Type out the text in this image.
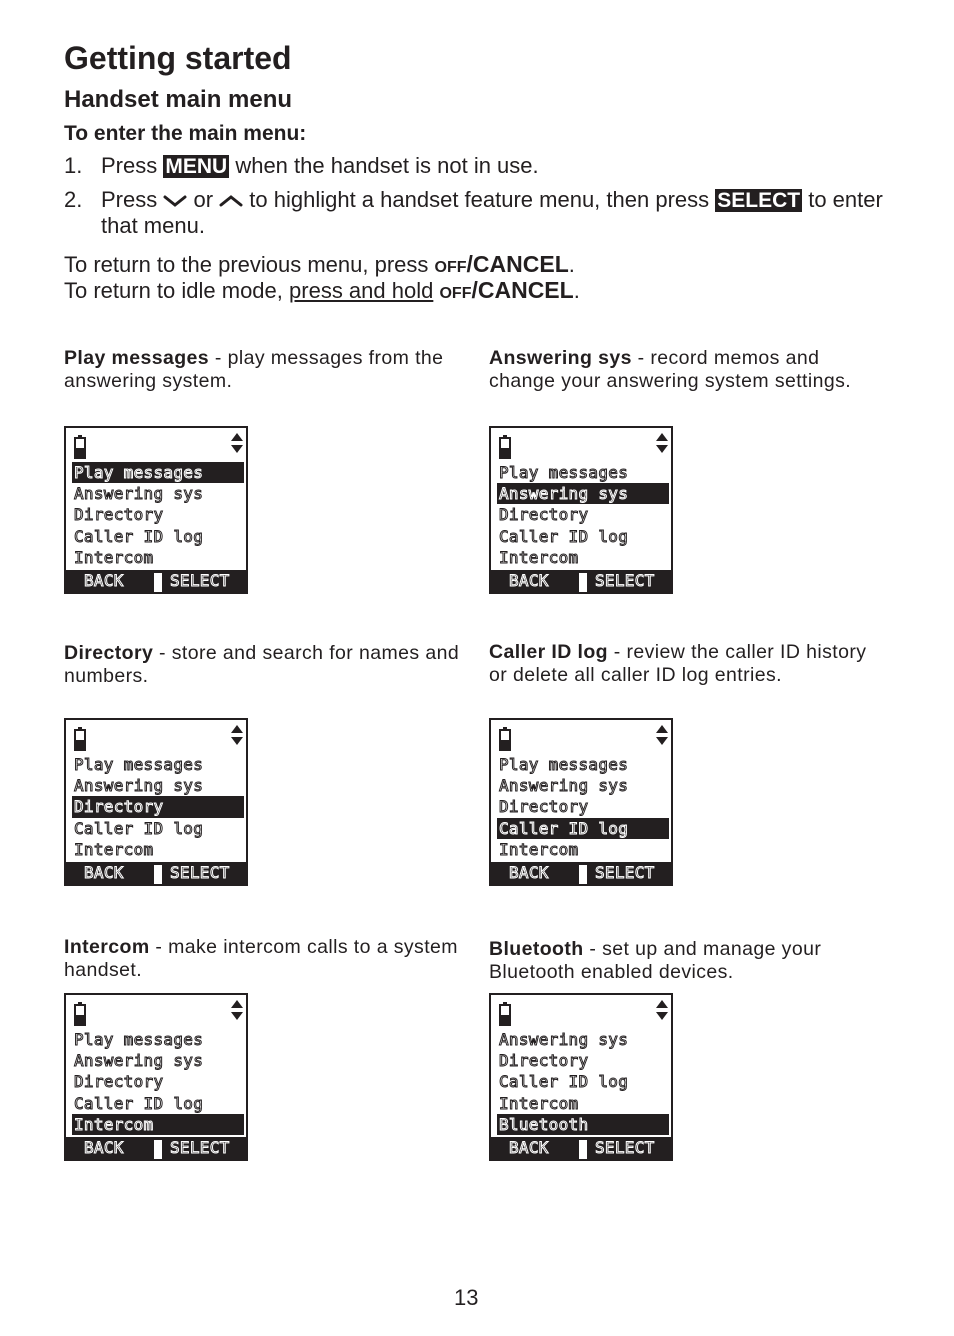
Getting started
Handset main menu
To enter the main menu:
1. Press MENU when the handset is not in use.
2. Press  or  to highlight a handset feature menu, then press SELECT to enter that menu.
To return to the previous menu, press OFF/CANCEL.
To return to idle mode, press and hold OFF/CANCEL.
Play messages - play messages from the answering system.
Play messages
Answering sys
Directory
Caller ID log
Intercom
BACK	SELECT
Answering sys - record memos and change your answering system settings.
Play messages
Answering sys
Directory
Caller ID log
Intercom
BACK	SELECT
Directory - store and search for names and numbers.
Play messages
Answering sys
Directory
Caller ID log
Intercom
BACK	SELECT
Caller ID log - review the caller ID history or delete all caller ID log entries.
Play messages
Answering sys
Directory
Caller ID log
Intercom
BACK	SELECT
Intercom - make intercom calls to a system handset.
Play messages
Answering sys
Directory
Caller ID log
Intercom
BACK	SELECT
Bluetooth - set up and manage your Bluetooth enabled devices.
Answering sys
Directory
Caller ID log
Intercom
Bluetooth
BACK	SELECT
13
